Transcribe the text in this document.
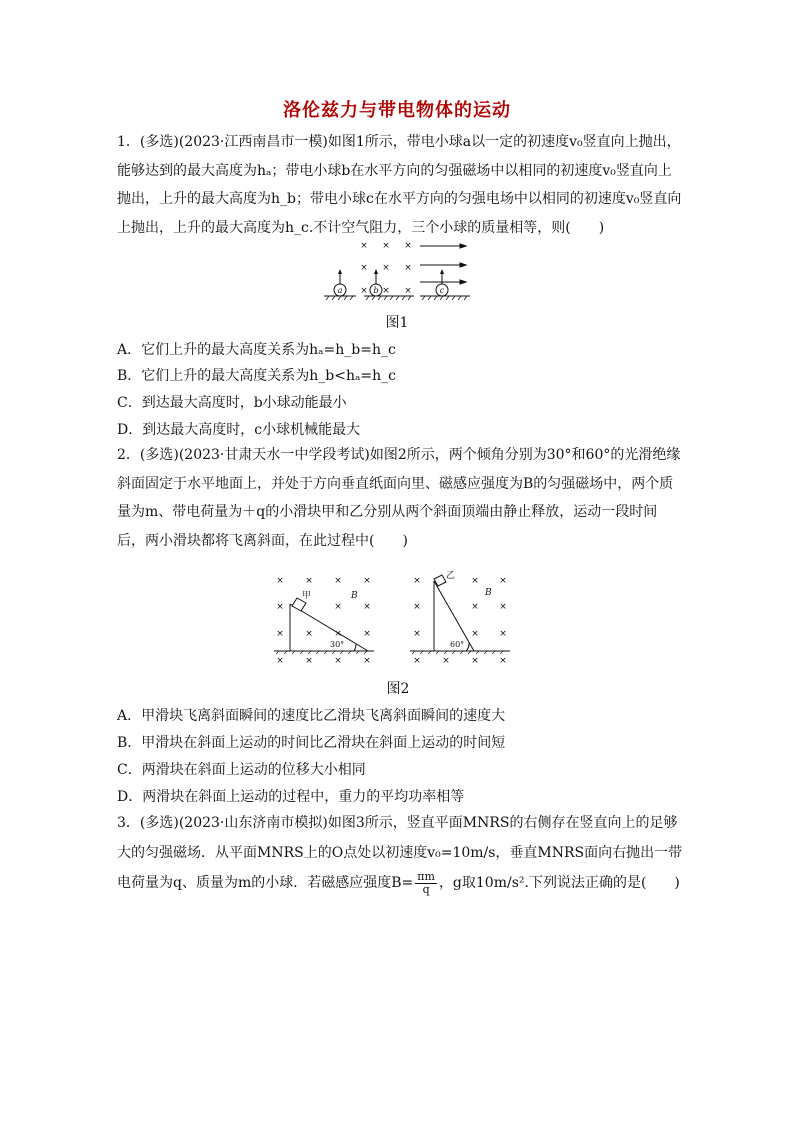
洛伦兹力与带电物体的运动

1．(多选)(2023·江西南昌市一模)如图1所示，带电小球a以一定的初速度v₀竖直向上抛出，能够达到的最大高度为hₐ；带电小球b在水平方向的匀强磁场中以相同的初速度v₀竖直向上抛出，上升的最大高度为h_b；带电小球c在水平方向的匀强电场中以相同的初速度v₀竖直向上抛出，上升的最大高度为h_c.不计空气阻力，三个小球的质量相等，则(　　)

× × ×
× × ×
× × ×
a	b	c
图1
A．它们上升的最大高度关系为hₐ=h_b=h_c
B．它们上升的最大高度关系为h_b<hₐ=h_c
C．到达最大高度时，b小球动能最小
D．到达最大高度时，c小球机械能最大

2．(多选)(2023·甘肃天水一中学段考试)如图2所示，两个倾角分别为30°和60°的光滑绝缘斜面固定于水平地面上，并处于方向垂直纸面向里、磁感应强度为B的匀强磁场中，两个质量为m、带电荷量为＋q的小滑块甲和乙分别从两个斜面顶端由静止释放，运动一段时间后，两小滑块都将飞离斜面，在此过程中(　　)

× × × ×
×	× ×
× × × ×
× × × ×
×	× ×
×	× ×
×	× ×
× × × ×
甲
乙
B	B
30°	60°
图2
A．甲滑块飞离斜面瞬间的速度比乙滑块飞离斜面瞬间的速度大
B．甲滑块在斜面上运动的时间比乙滑块在斜面上运动的时间短
C．两滑块在斜面上运动的位移大小相同
D．两滑块在斜面上运动的过程中，重力的平均功率相等

3．(多选)(2023·山东济南市模拟)如图3所示，竖直平面MNRS的右侧存在竖直向上的足够大的匀强磁场．从平面MNRS上的O点处以初速度v₀=10m/s，垂直MNRS面向右抛出一带电荷量为q、质量为m的小球．若磁感应强度$B= \frac{\pi m}{q}$ ，g取10m/s².下列说法正确的是(　　)
